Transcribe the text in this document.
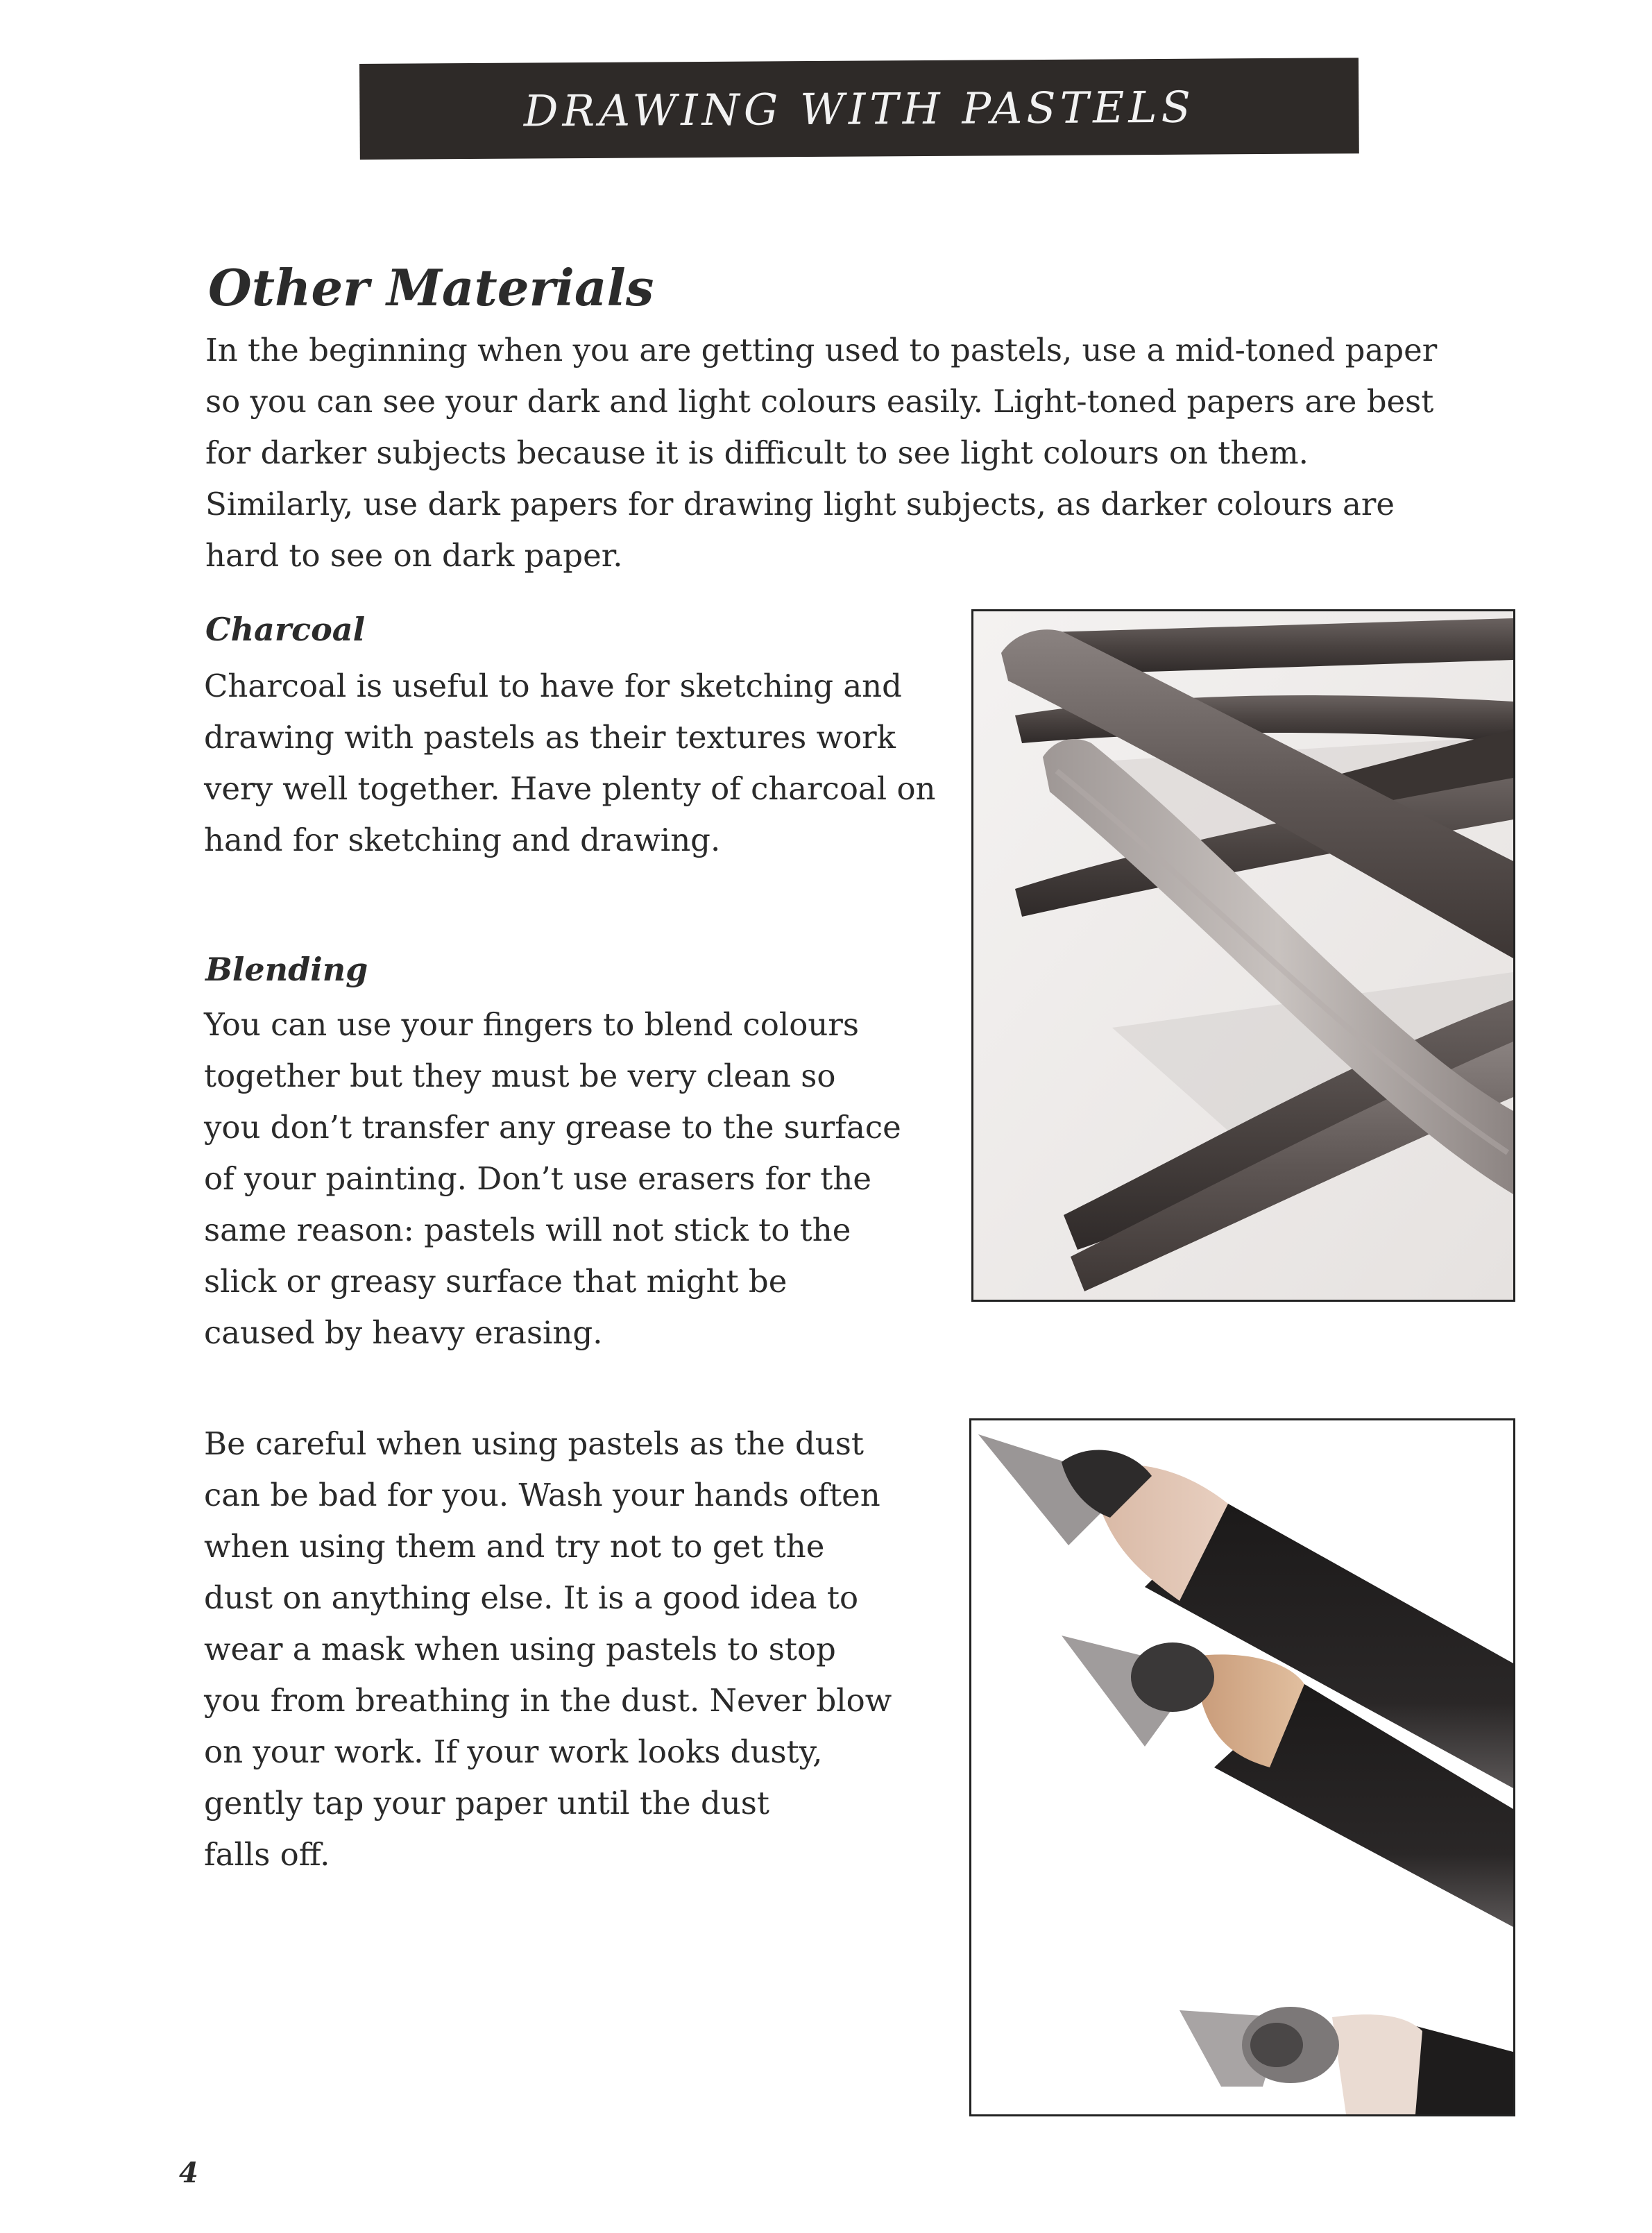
DRAWING WITH PASTELS
Other Materials
In the beginning when you are getting used to pastels, use a mid-toned paper
so you can see your dark and light colours easily. Light-toned papers are best
for darker subjects because it is difficult to see light colours on them.
Similarly, use dark papers for drawing light subjects, as darker colours are
hard to see on dark paper.
Charcoal
Charcoal is useful to have for sketching and
drawing with pastels as their textures work
very well together. Have plenty of charcoal on
hand for sketching and drawing.
Blending
You can use your fingers to blend colours
together but they must be very clean so
you don’t transfer any grease to the surface
of your painting. Don’t use erasers for the
same reason: pastels will not stick to the
slick or greasy surface that might be
caused by heavy erasing.
Be careful when using pastels as the dust
can be bad for you. Wash your hands often
when using them and try not to get the
dust on anything else. It is a good idea to
wear a mask when using pastels to stop
you from breathing in the dust. Never blow
on your work. If your work looks dusty,
gently tap your paper until the dust
falls off.
4
